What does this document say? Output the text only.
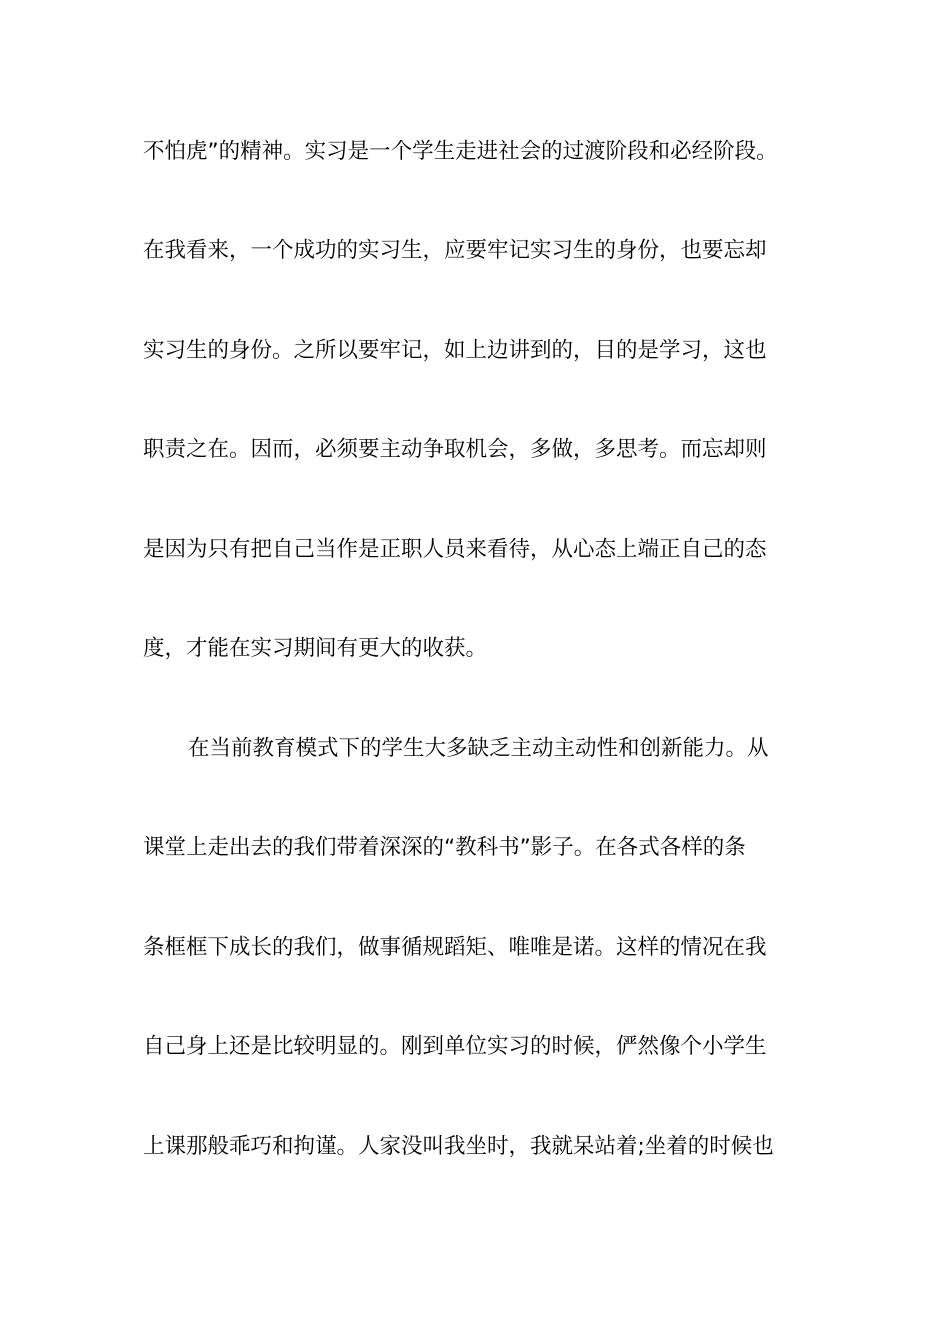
不怕虎”的精神。实习是一个学生走进社会的过渡阶段和必经阶段。
在我看来，一个成功的实习生，应要牢记实习生的身份，也要忘却
实习生的身份。之所以要牢记，如上边讲到的，目的是学习，这也
职责之在。因而，必须要主动争取机会，多做，多思考。而忘却则
是因为只有把自己当作是正职人员来看待，从心态上端正自己的态
度，才能在实习期间有更大的收获。
在当前教育模式下的学生大多缺乏主动主动性和创新能力。从
课堂上走出去的我们带着深深的“教科书”影子。在各式各样的条
条框框下成长的我们，做事循规蹈矩、唯唯是诺。这样的情况在我
自己身上还是比较明显的。刚到单位实习的时候，俨然像个小学生
上课那般乖巧和拘谨。人家没叫我坐时，我就呆站着;坐着的时候也
